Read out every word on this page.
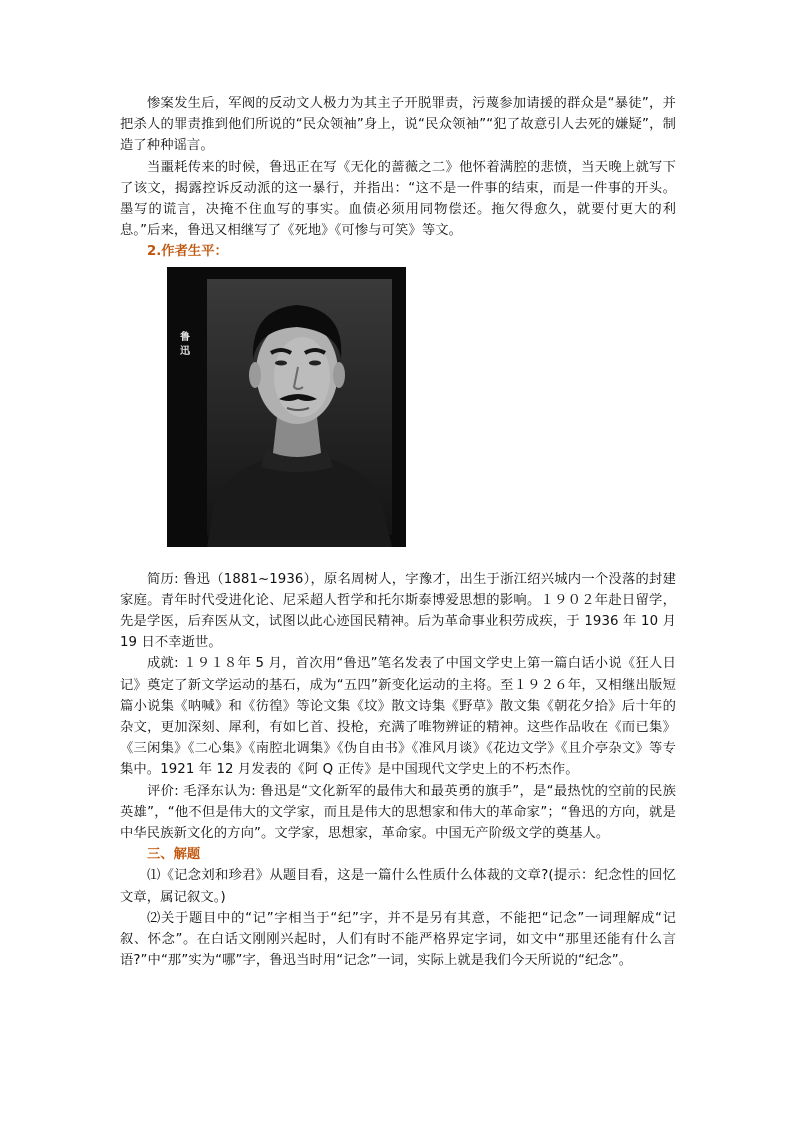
惨案发生后，军阀的反动文人极力为其主子开脱罪责，污蔑参加请援的群众是“暴徒”，并把杀人的罪责推到他们所说的“民众领袖”身上，说“民众领袖”“犯了故意引人去死的嫌疑”，制造了种种谣言。

当噩耗传来的时候，鲁迅正在写《无化的蔷薇之二》他怀着满腔的悲愤，当天晚上就写下了该文，揭露控诉反动派的这一暴行，并指出：“这不是一件事的结束，而是一件事的开头。墨写的谎言，决掩不住血写的事实。血债必须用同物偿还。拖欠得愈久，就要付更大的利息。”后来，鲁迅又相继写了《死地》《可惨与可笑》等文。

2.作者生平：
鲁迅

简历: 鲁迅（1881~1936），原名周树人，字豫才，出生于浙江绍兴城内一个没落的封建家庭。青年时代受进化论、尼采超人哲学和托尔斯泰博爱思想的影响。１９０２年赴日留学，先是学医，后弃医从文，试图以此心迹国民精神。后为革命事业积劳成疾，于 1936 年 10 月 19 日不幸逝世。

成就: １９１８年 5 月，首次用“鲁迅”笔名发表了中国文学史上第一篇白话小说《狂人日记》奠定了新文学运动的基石，成为“五四”新变化运动的主将。至１９２６年，又相继出版短篇小说集《呐喊》和《彷徨》等论文集《坟》散文诗集《野草》散文集《朝花夕拾》后十年的杂文，更加深刻、犀利，有如匕首、投枪，充满了唯物辨证的精神。这些作品收在《而已集》《三闲集》《二心集》《南腔北调集》《伪自由书》《准风月谈》《花边文学》《且介亭杂文》等专集中。1921 年 12 月发表的《阿 Q 正传》是中国现代文学史上的不朽杰作。

评价: 毛泽东认为: 鲁迅是“文化新军的最伟大和最英勇的旗手”，是“最热忱的空前的民族英雄”，“他不但是伟大的文学家，而且是伟大的思想家和伟大的革命家”；“鲁迅的方向，就是中华民族新文化的方向”。文学家，思想家，革命家。中国无产阶级文学的奠基人。

三、解题

⑴《记念刘和珍君》从题目看，这是一篇什么性质什么体裁的文章?(提示：纪念性的回忆文章，属记叙文。)

⑵关于题目中的“记”字相当于“纪”字，并不是另有其意，不能把“记念”一词理解成“记叙、怀念”。在白话文刚刚兴起时，人们有时不能严格界定字词，如文中“那里还能有什么言语?”中“那”实为“哪”字，鲁迅当时用“记念”一词，实际上就是我们今天所说的“纪念”。
